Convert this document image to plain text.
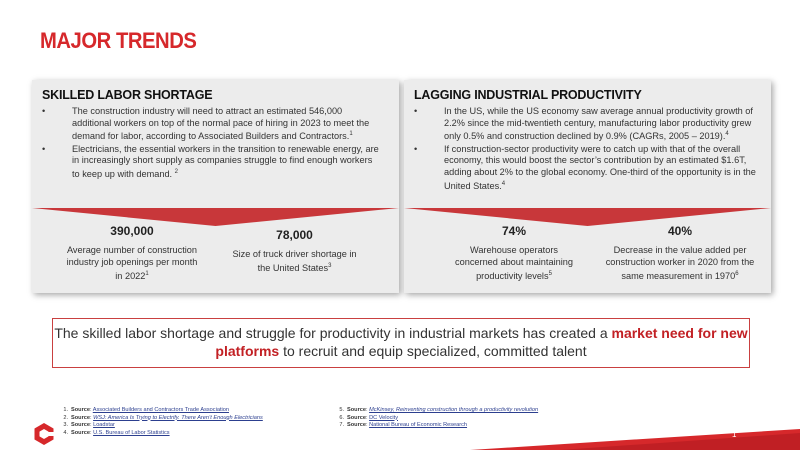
MAJOR TRENDS
SKILLED LABOR SHORTAGE
•	The construction industry will need to attract an estimated 546,000 additional workers on top of the normal pace of hiring in 2023 to meet the demand for labor, according to Associated Builders and Contractors.$^1$
•	Electricians, the essential workers in the transition to renewable energy, are in increasingly short supply as companies struggle to find enough workers to keep up with demand. $^2$
390,000
Average number of construction industry job openings per month in 2022$^1$
78,000
Size of truck driver shortage in the United States$^3$
LAGGING INDUSTRIAL PRODUCTIVITY
•	In the US, while the US economy saw average annual productivity growth of 2.2% since the mid-twentieth century, manufacturing labor productivity grew only 0.5% and construction declined by 0.9% (CAGRs, 2005 – 2019).$^4$
•	If construction-sector productivity were to catch up with that of the overall economy, this would boost the sector’s contribution by an estimated $1.6T, adding about 2% to the global economy. One-third of the opportunity is in the United States.$^4$
74%
Warehouse operators concerned about maintaining productivity levels$^5$
40%
Decrease in the value added per construction worker in 2020 from the same measurement in 1970$^6$
The skilled labor shortage and struggle for productivity in industrial markets has created a market need for new platforms to recruit and equip specialized, committed talent
1. Source: Associated Builders and Contractors Trade Association
2. Source: WSJ: America Is Trying to Electrify. There Aren’t Enough Electricians
3. Source: Loadstar
4. Source: U.S. Bureau of Labor Statistics
5. Source: McKinsey, Reinventing construction through a productivity revolution
6. Source: DC Velocity
7. Source: National Bureau of Economic Research
1
